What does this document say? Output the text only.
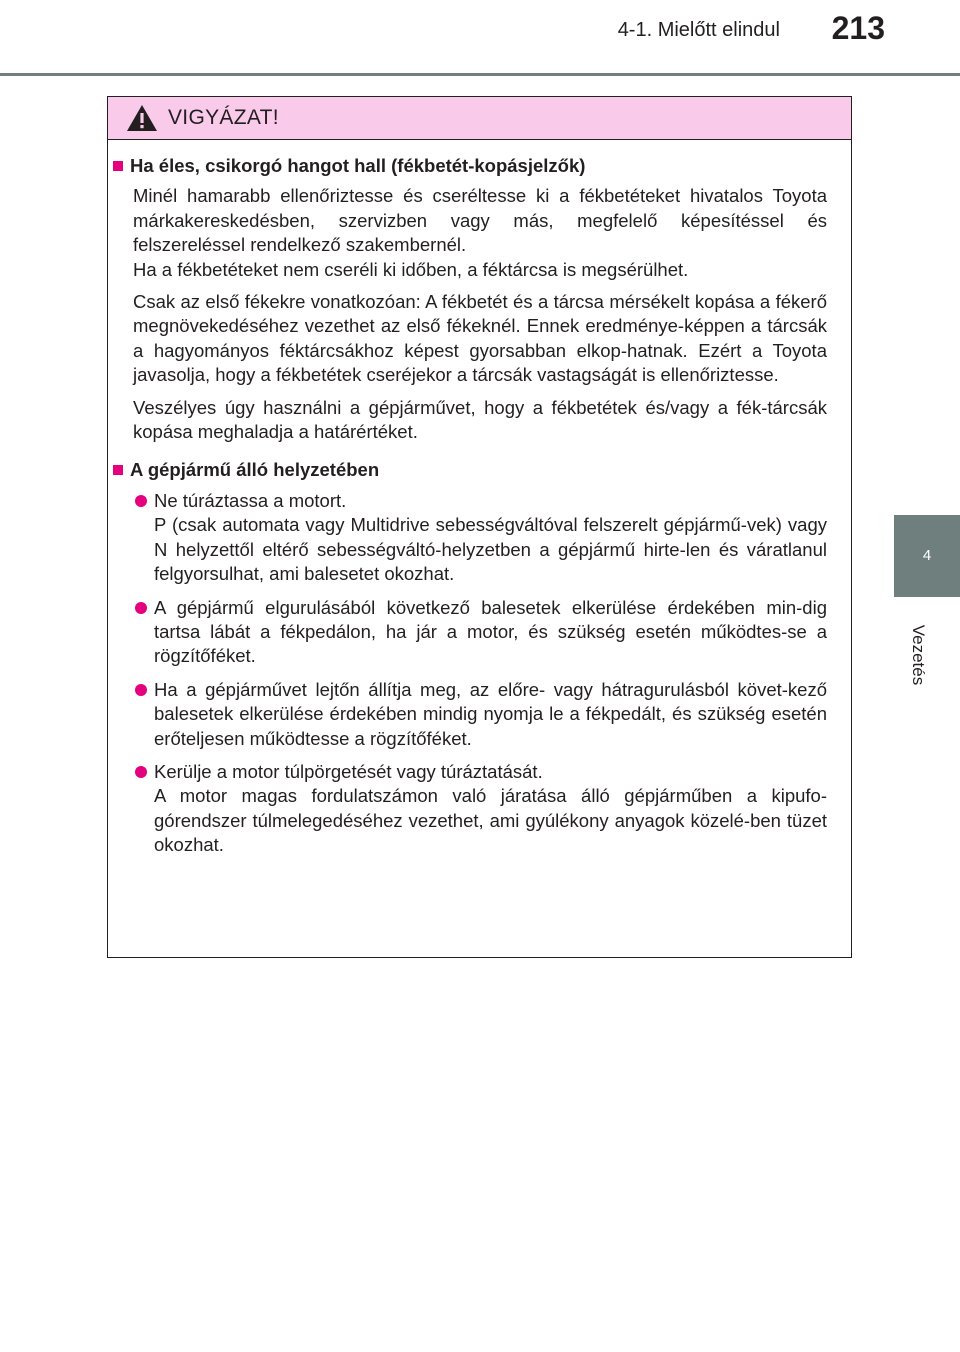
4-1. Mielőtt elindul 213
4
Vezetés
VIGYÁZAT!
Ha éles, csikorgó hangot hall (fékbetét-kopásjelzők)
Minél hamarabb ellenőriztesse és cseréltesse ki a fékbetéteket hivatalos Toyota márkakereskedésben, szervizben vagy más, megfelelő képesítéssel és felszereléssel rendelkező szakembernél.
Ha a fékbetéteket nem cseréli ki időben, a féktárcsa is megsérülhet.
Csak az első fékekre vonatkozóan: A fékbetét és a tárcsa mérsékelt kopása a fékerő megnövekedéséhez vezethet az első fékeknél. Ennek eredménye-képpen a tárcsák a hagyományos féktárcsákhoz képest gyorsabban elkop-hatnak. Ezért a Toyota javasolja, hogy a fékbetétek cseréjekor a tárcsák vastagságát is ellenőriztesse.
Veszélyes úgy használni a gépjárművet, hogy a fékbetétek és/vagy a fék-tárcsák kopása meghaladja a határértéket.
A gépjármű álló helyzetében
Ne túráztassa a motort.
P (csak automata vagy Multidrive sebességváltóval felszerelt gépjármű-vek) vagy N helyzettől eltérő sebességváltó-helyzetben a gépjármű hirte-len és váratlanul felgyorsulhat, ami balesetet okozhat.
A gépjármű elgurulásából következő balesetek elkerülése érdekében min-dig tartsa lábát a fékpedálon, ha jár a motor, és szükség esetén működtes-se a rögzítőféket.
Ha a gépjárművet lejtőn állítja meg, az előre- vagy hátragurulásból követ-kező balesetek elkerülése érdekében mindig nyomja le a fékpedált, és szükség esetén erőteljesen működtesse a rögzítőféket.
Kerülje a motor túlpörgetését vagy túráztatását.
A motor magas fordulatszámon való járatása álló gépjárműben a kipufo-górendszer túlmelegedéséhez vezethet, ami gyúlékony anyagok közelé-ben tüzet okozhat.
